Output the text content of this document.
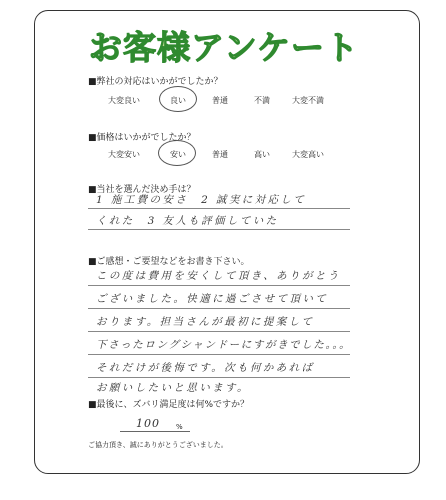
お客様アンケート
■弊社の対応はいかがでしたか？
大変良い	良い	普通	不満	大変不満
■価格はいかがでしたか？
大変安い	安い	普通	高い	大変高い
■当社を選んだ決め手は？
1 施工費の安さ　2 誠実に対応して
くれた　3 友人も評価していた
■ご感想・ご要望などをお書き下さい。
この度は費用を安くして頂き、ありがとう
ございました。快適に過ごさせて頂いて
おります。担当さんが最初に提案して
下さったロングシャンドーにすがきでした。。。
それだけが後悔です。次も何かあれば
お願いしたいと思います。
■最後に、ズバリ満足度は何%ですか？
100 %
ご協力頂き、誠にありがとうございました。
